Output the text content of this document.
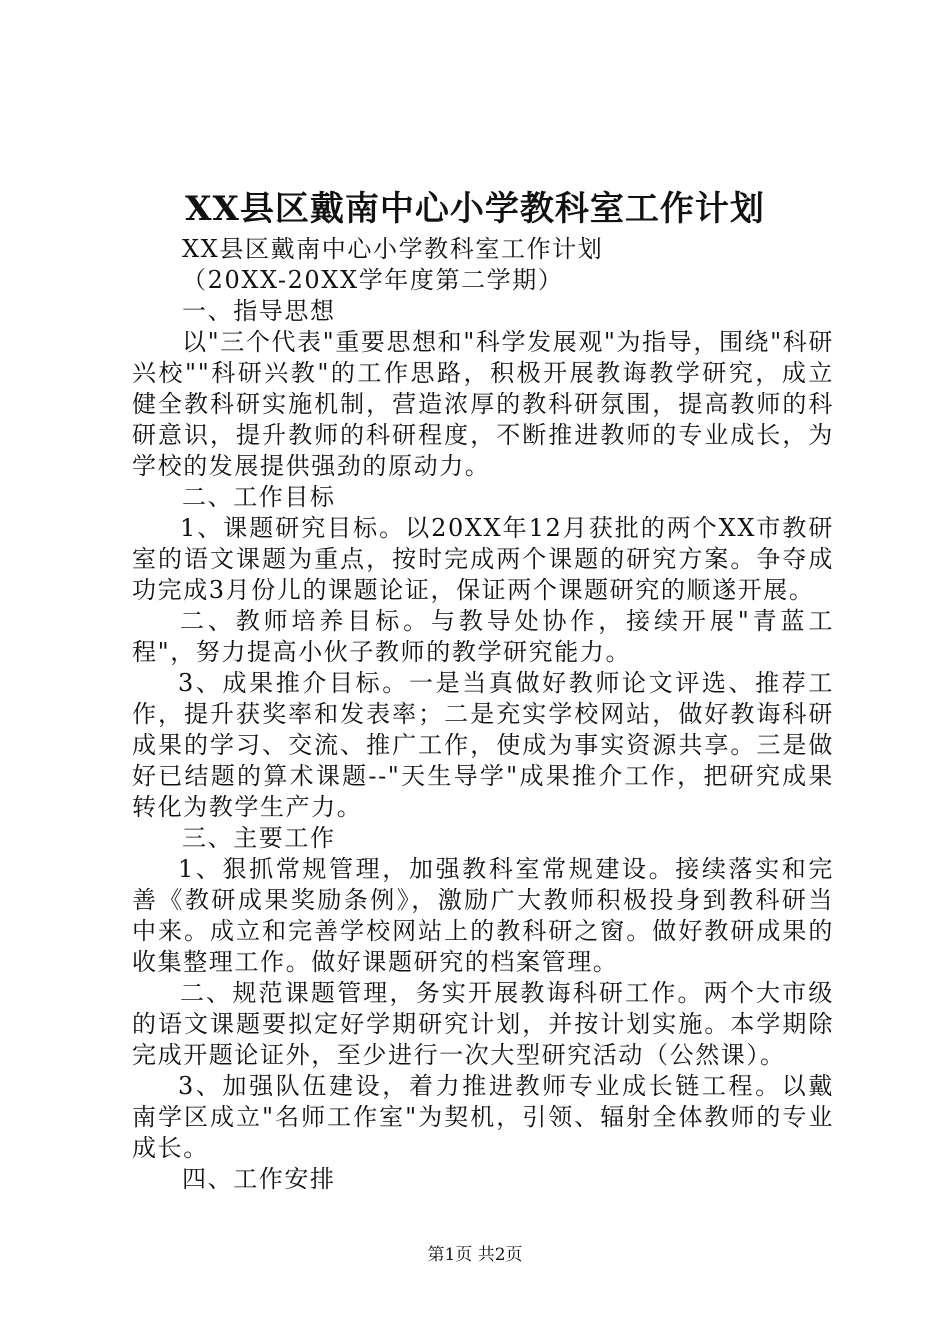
XX县区戴南中心小学教科室工作计划

XX县区戴南中心小学教科室工作计划

（20XX-20XX学年度第二学期）

一、指导思想

以"三个代表"重要思想和"科学发展观"为指导，围绕"科研兴校""科研兴教"的工作思路，积极开展教诲教学研究，成立健全教科研实施机制，营造浓厚的教科研氛围，提高教师的科研意识，提升教师的科研程度，不断推进教师的专业成长，为学校的发展提供强劲的原动力。

二、工作目标

1、课题研究目标。以20XX年12月获批的两个XX市教研室的语文课题为重点，按时完成两个课题的研究方案。争夺成功完成3月份儿的课题论证，保证两个课题研究的顺遂开展。

二、教师培养目标。与教导处协作，接续开展"青蓝工程"，努力提高小伙子教师的教学研究能力。

3、成果推介目标。一是当真做好教师论文评选、推荐工作，提升获奖率和发表率；二是充实学校网站，做好教诲科研成果的学习、交流、推广工作，使成为事实资源共享。三是做好已结题的算术课题--"天生导学"成果推介工作，把研究成果转化为教学生产力。

三、主要工作

1、狠抓常规管理，加强教科室常规建设。接续落实和完善《教研成果奖励条例》，激励广大教师积极投身到教科研当中来。成立和完善学校网站上的教科研之窗。做好教研成果的收集整理工作。做好课题研究的档案管理。

二、规范课题管理，务实开展教诲科研工作。两个大市级的语文课题要拟定好学期研究计划，并按计划实施。本学期除完成开题论证外，至少进行一次大型研究活动（公然课）。

3、加强队伍建设，着力推进教师专业成长链工程。以戴南学区成立"名师工作室"为契机，引领、辐射全体教师的专业成长。

四、工作安排

第1页 共2页
